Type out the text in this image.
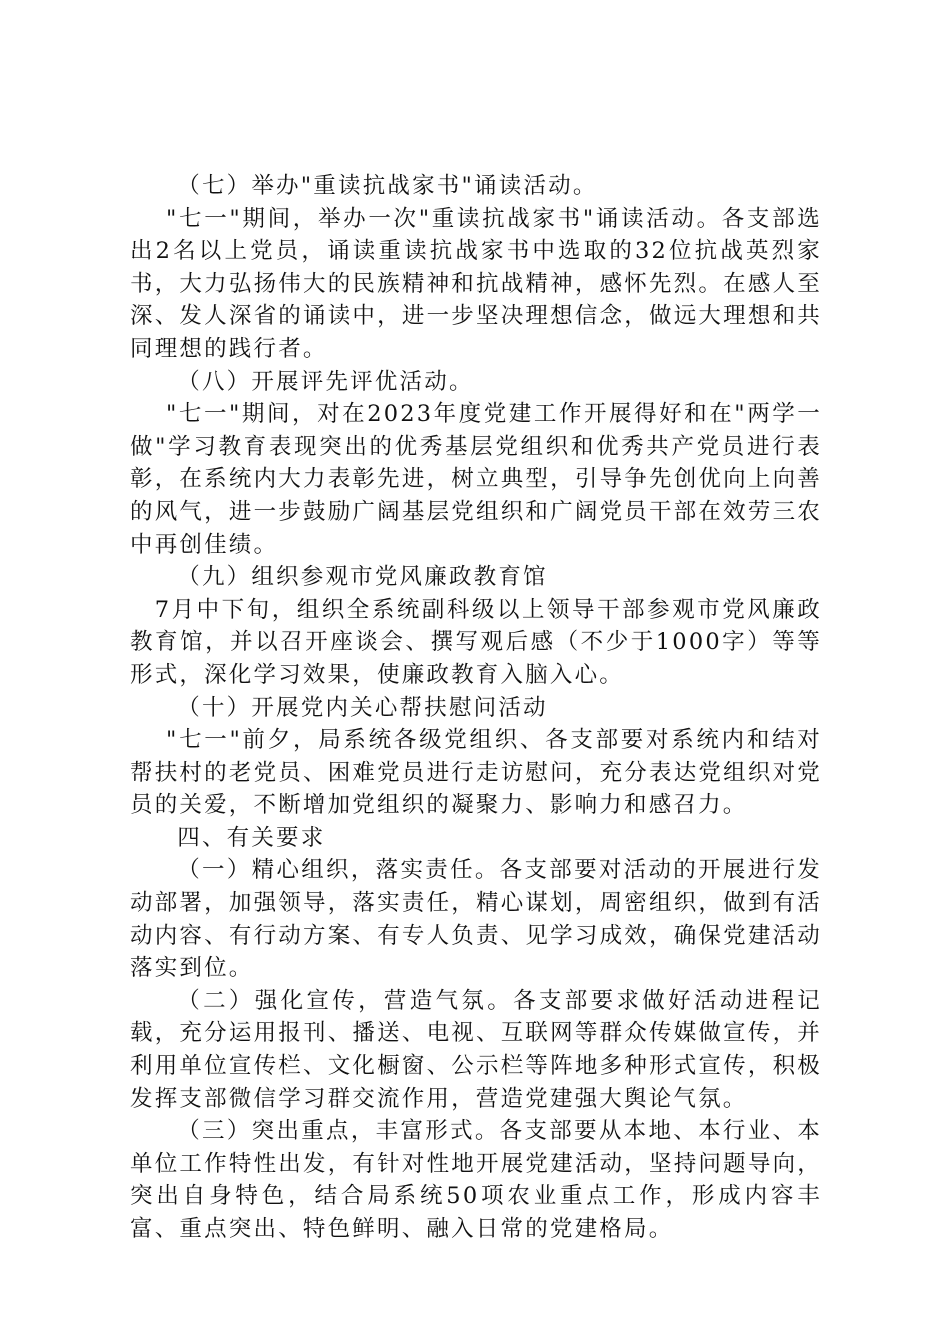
（七）举办"重读抗战家书"诵读活动。

"七一"期间，举办一次"重读抗战家书"诵读活动。各支部选出2名以上党员，诵读重读抗战家书中选取的32位抗战英烈家书，大力弘扬伟大的民族精神和抗战精神，感怀先烈。在感人至深、发人深省的诵读中，进一步坚决理想信念，做远大理想和共同理想的践行者。

（八）开展评先评优活动。

"七一"期间，对在2023年度党建工作开展得好和在"两学一做"学习教育表现突出的优秀基层党组织和优秀共产党员进行表彰，在系统内大力表彰先进，树立典型，引导争先创优向上向善的风气，进一步鼓励广阔基层党组织和广阔党员干部在效劳三农中再创佳绩。

（九）组织参观市党风廉政教育馆

7月中下旬，组织全系统副科级以上领导干部参观市党风廉政教育馆，并以召开座谈会、撰写观后感（不少于1000字）等等形式，深化学习效果，使廉政教育入脑入心。

（十）开展党内关心帮扶慰问活动

"七一"前夕，局系统各级党组织、各支部要对系统内和结对帮扶村的老党员、困难党员进行走访慰问，充分表达党组织对党员的关爱，不断增加党组织的凝聚力、影响力和感召力。

四、有关要求

（一）精心组织，落实责任。各支部要对活动的开展进行发动部署，加强领导，落实责任，精心谋划，周密组织，做到有活动内容、有行动方案、有专人负责、见学习成效，确保党建活动落实到位。

（二）强化宣传，营造气氛。各支部要求做好活动进程记载，充分运用报刊、播送、电视、互联网等群众传媒做宣传，并利用单位宣传栏、文化橱窗、公示栏等阵地多种形式宣传，积极发挥支部微信学习群交流作用，营造党建强大舆论气氛。

（三）突出重点，丰富形式。各支部要从本地、本行业、本单位工作特性出发，有针对性地开展党建活动，坚持问题导向，突出自身特色，结合局系统50项农业重点工作，形成内容丰富、重点突出、特色鲜明、融入日常的党建格局。
